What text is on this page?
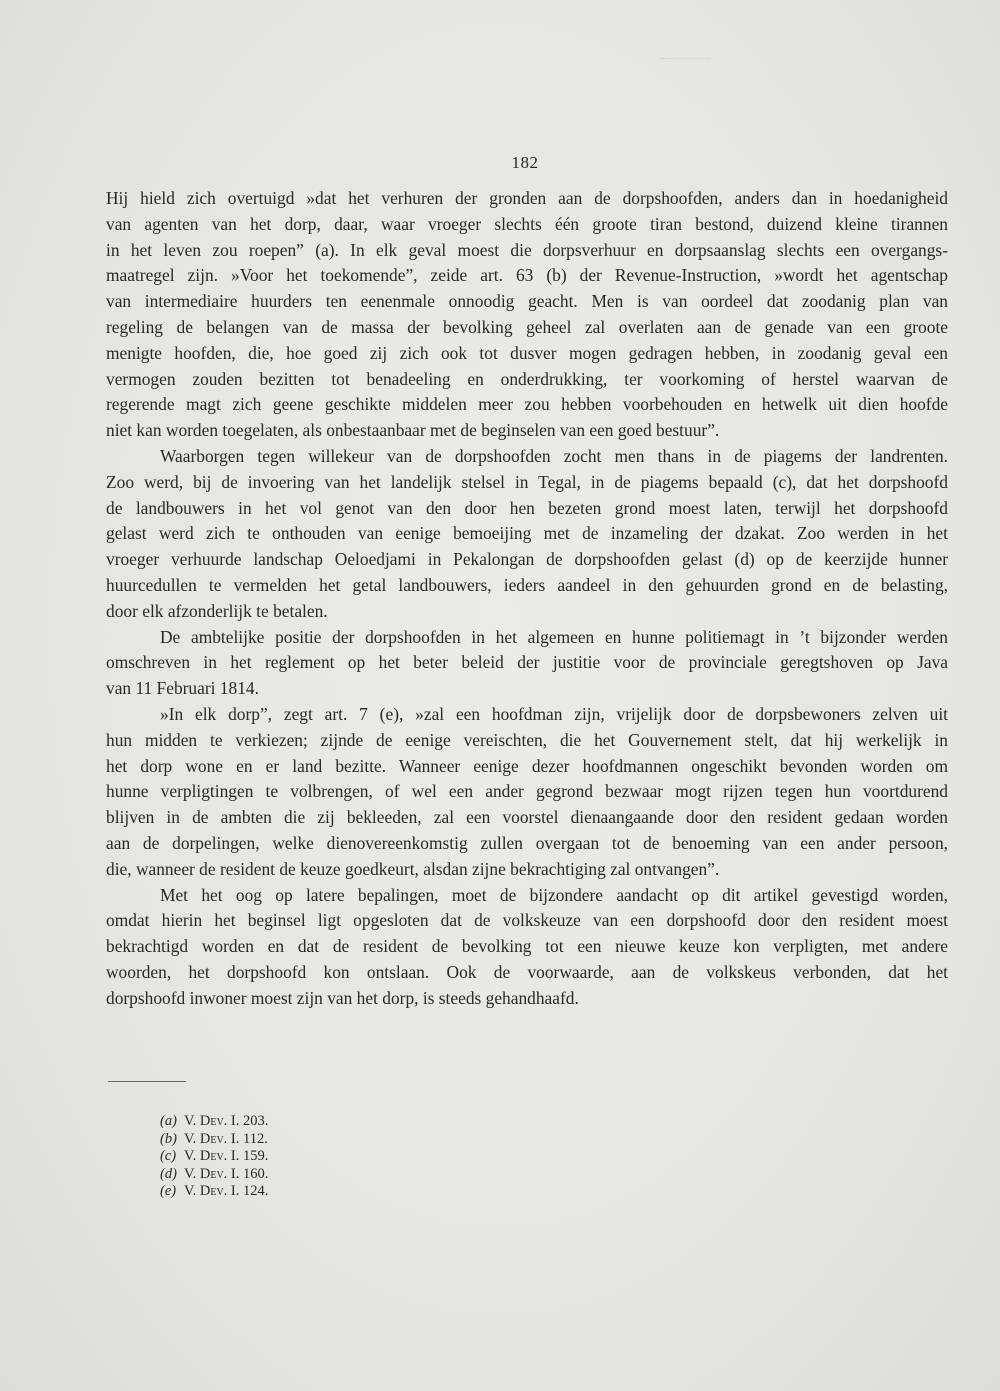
182
Hij hield zich overtuigd »dat het verhuren der gronden aan de dorpshoofden, anders dan in hoedanigheid
van agenten van het dorp, daar, waar vroeger slechts één groote tiran bestond, duizend kleine tirannen
in het leven zou roepen” (a). In elk geval moest die dorpsverhuur en dorpsaanslag slechts een overgangs-
maatregel zijn. »Voor het toekomende”, zeide art. 63 (b) der Revenue-Instruction, »wordt het agentschap
van intermediaire huurders ten eenenmale onnoodig geacht. Men is van oordeel dat zoodanig plan van
regeling de belangen van de massa der bevolking geheel zal overlaten aan de genade van een groote
menigte hoofden, die, hoe goed zij zich ook tot dusver mogen gedragen hebben, in zoodanig geval een
vermogen zouden bezitten tot benadeeling en onderdrukking, ter voorkoming of herstel waarvan de
regerende magt zich geene geschikte middelen meer zou hebben voorbehouden en hetwelk uit dien hoofde
niet kan worden toegelaten, als onbestaanbaar met de beginselen van een goed bestuur”.
Waarborgen tegen willekeur van de dorpshoofden zocht men thans in de piagems der landrenten.
Zoo werd, bij de invoering van het landelijk stelsel in Tegal, in de piagems bepaald (c), dat het dorpshoofd
de landbouwers in het vol genot van den door hen bezeten grond moest laten, terwijl het dorpshoofd
gelast werd zich te onthouden van eenige bemoeijing met de inzameling der dzakat. Zoo werden in het
vroeger verhuurde landschap Oeloedjami in Pekalongan de dorpshoofden gelast (d) op de keerzijde hunner
huurcedullen te vermelden het getal landbouwers, ieders aandeel in den gehuurden grond en de belasting,
door elk afzonderlijk te betalen.
De ambtelijke positie der dorpshoofden in het algemeen en hunne politiemagt in ’t bijzonder werden
omschreven in het reglement op het beter beleid der justitie voor de provinciale geregtshoven op Java
van 11 Februari 1814.
»In elk dorp”, zegt art. 7 (e), »zal een hoofdman zijn, vrijelijk door de dorpsbewoners zelven uit
hun midden te verkiezen; zijnde de eenige vereischten, die het Gouvernement stelt, dat hij werkelijk in
het dorp wone en er land bezitte. Wanneer eenige dezer hoofdmannen ongeschikt bevonden worden om
hunne verpligtingen te volbrengen, of wel een ander gegrond bezwaar mogt rijzen tegen hun voortdurend
blijven in de ambten die zij bekleeden, zal een voorstel dienaangaande door den resident gedaan worden
aan de dorpelingen, welke dienovereenkomstig zullen overgaan tot de benoeming van een ander persoon,
die, wanneer de resident de keuze goedkeurt, alsdan zijne bekrachtiging zal ontvangen”.
Met het oog op latere bepalingen, moet de bijzondere aandacht op dit artikel gevestigd worden,
omdat hierin het beginsel ligt opgesloten dat de volkskeuze van een dorpshoofd door den resident moest
bekrachtigd worden en dat de resident de bevolking tot een nieuwe keuze kon verpligten, met andere
woorden, het dorpshoofd kon ontslaan. Ook de voorwaarde, aan de volkskeus verbonden, dat het
dorpshoofd inwoner moest zijn van het dorp, is steeds gehandhaafd.
(a) V. Dev. I. 203.
(b) V. Dev. I. 112.
(c) V. Dev. I. 159.
(d) V. Dev. I. 160.
(e) V. Dev. I. 124.
